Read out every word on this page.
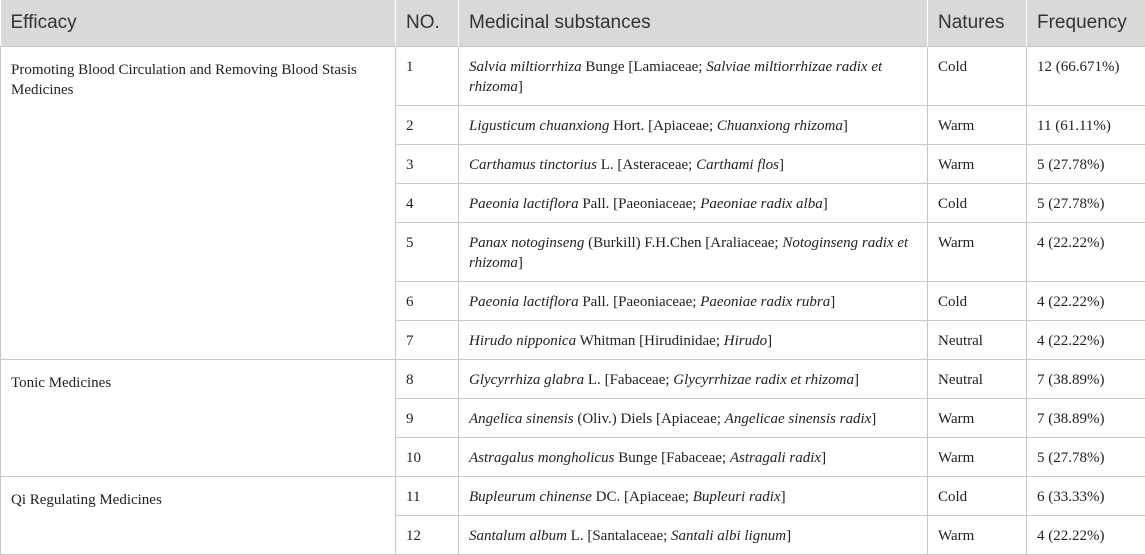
Efficacy	NO.	Medicinal substances	Natures	Frequency
Promoting Blood Circulation and Removing Blood Stasis Medicines	1	Salvia miltiorrhiza Bunge [Lamiaceae; Salviae miltiorrhizae radix et rhizoma]	Cold	12 (66.671%)
	2	Ligusticum chuanxiong Hort. [Apiaceae; Chuanxiong rhizoma]	Warm	11 (61.11%)
	3	Carthamus tinctorius L. [Asteraceae; Carthami flos]	Warm	5 (27.78%)
	4	Paeonia lactiflora Pall. [Paeoniaceae; Paeoniae radix alba]	Cold	5 (27.78%)
	5	Panax notoginseng (Burkill) F.H.Chen [Araliaceae; Notoginseng radix et rhizoma]	Warm	4 (22.22%)
	6	Paeonia lactiflora Pall. [Paeoniaceae; Paeoniae radix rubra]	Cold	4 (22.22%)
	7	Hirudo nipponica Whitman [Hirudinidae; Hirudo]	Neutral	4 (22.22%)
Tonic Medicines	8	Glycyrrhiza glabra L. [Fabaceae; Glycyrrhizae radix et rhizoma]	Neutral	7 (38.89%)
	9	Angelica sinensis (Oliv.) Diels [Apiaceae; Angelicae sinensis radix]	Warm	7 (38.89%)
	10	Astragalus mongholicus Bunge [Fabaceae; Astragali radix]	Warm	5 (27.78%)
Qi Regulating Medicines	11	Bupleurum chinense DC. [Apiaceae; Bupleuri radix]	Cold	6 (33.33%)
	12	Santalum album L. [Santalaceae; Santali albi lignum]	Warm	4 (22.22%)
